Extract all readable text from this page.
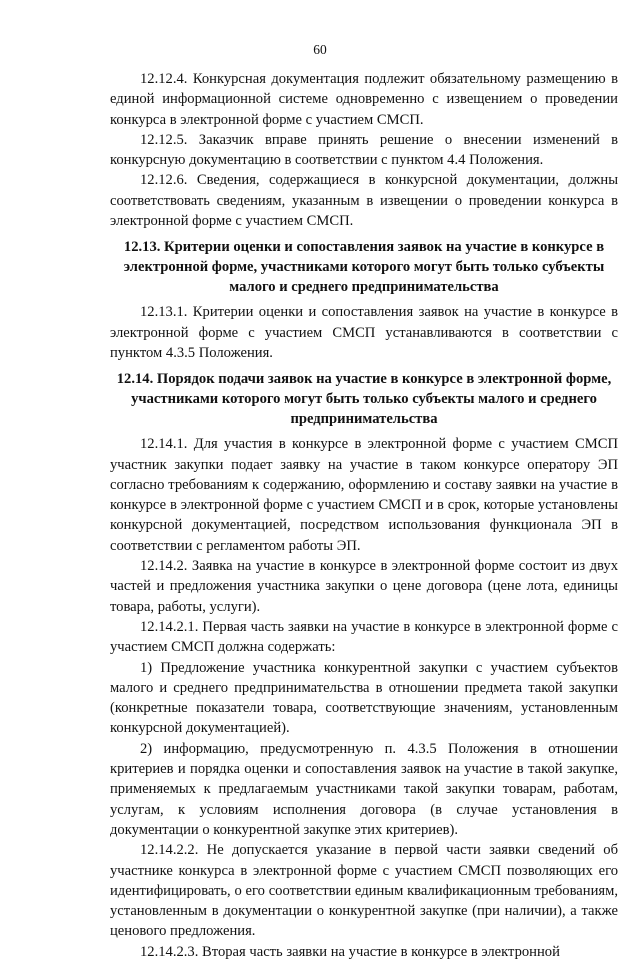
60

12.12.4. Конкурсная документация подлежит обязательному размещению в единой информационной системе одновременно с извещением о проведении конкурса в электронной форме с участием СМСП.

12.12.5. Заказчик вправе принять решение о внесении изменений в конкурсную документацию в соответствии с пунктом 4.4 Положения.

12.12.6. Сведения, содержащиеся в конкурсной документации, должны соответствовать сведениям, указанным в извещении о проведении конкурса в электронной форме с участием СМСП.

12.13. Критерии оценки и сопоставления заявок на участие в конкурсе в электронной форме, участниками которого могут быть только субъекты малого и среднего предпринимательства

12.13.1. Критерии оценки и сопоставления заявок на участие в конкурсе в электронной форме с участием СМСП устанавливаются в соответствии с пунктом 4.3.5 Положения.

12.14. Порядок подачи заявок на участие в конкурсе в электронной форме, участниками которого могут быть только субъекты малого и среднего предпринимательства

12.14.1. Для участия в конкурсе в электронной форме с участием СМСП участник закупки подает заявку на участие в таком конкурсе оператору ЭП согласно требованиям к содержанию, оформлению и составу заявки на участие в конкурсе в электронной форме с участием СМСП и в срок, которые установлены конкурсной документацией, посредством использования функционала ЭП в соответствии с регламентом работы ЭП.

12.14.2. Заявка на участие в конкурсе в электронной форме состоит из двух частей и предложения участника закупки о цене договора (цене лота, единицы товара, работы, услуги).

12.14.2.1. Первая часть заявки на участие в конкурсе в электронной форме с участием СМСП должна содержать:

1) Предложение участника конкурентной закупки с участием субъектов малого и среднего предпринимательства в отношении предмета такой закупки (конкретные показатели товара, соответствующие значениям, установленным конкурсной документацией).

2) информацию, предусмотренную п. 4.3.5 Положения в отношении критериев и порядка оценки и сопоставления заявок на участие в такой закупке, применяемых к предлагаемым участниками такой закупки товарам, работам, услугам, к условиям исполнения договора (в случае установления в документации о конкурентной закупке этих критериев).

12.14.2.2. Не допускается указание в первой части заявки сведений об участнике конкурса в электронной форме с участием СМСП позволяющих его идентифицировать, о его соответствии единым квалификационным требованиям, установленным в документации о конкурентной закупке (при наличии), а также ценового предложения.

12.14.2.3. Вторая часть заявки на участие в конкурсе в электронной
